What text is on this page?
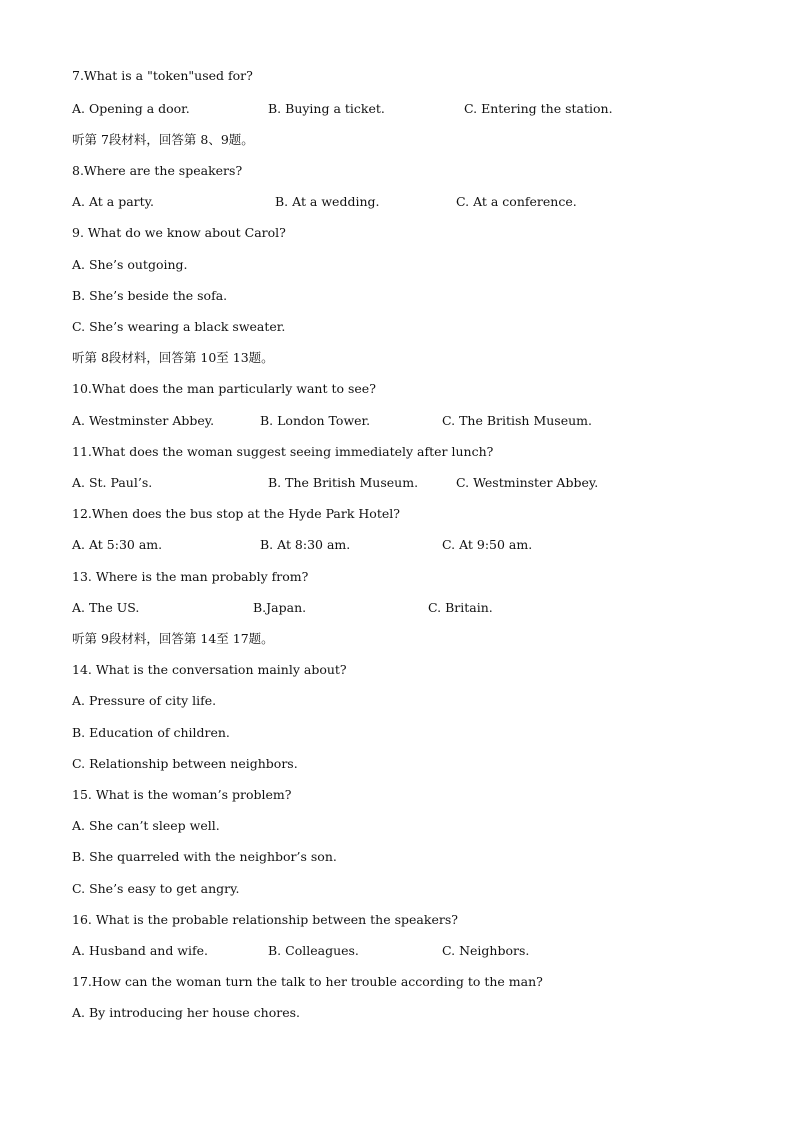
7.What is a "token"used for?
A. Opening a door.	B. Buying a ticket.	C. Entering the station.
听第 7段材料，回答第 8、9题。
8.Where are the speakers?
A. At a party.	B. At a wedding.	C. At a conference.
9. What do we know about Carol?
A. She’s outgoing.
B. She’s beside the sofa.
C. She’s wearing a black sweater.
听第 8段材料，回答第 10至 13题。
10.What does the man particularly want to see?
A. Westminster Abbey.	B. London Tower.	C. The British Museum.
11.What does the woman suggest seeing immediately after lunch?
A. St. Paul’s.	B. The British Museum.	C. Westminster Abbey.
12.When does the bus stop at the Hyde Park Hotel?
A. At 5:30 am.	B. At 8:30 am.	C. At 9:50 am.
13. Where is the man probably from?
A. The US.	B.Japan.	C. Britain.
听第 9段材料，回答第 14至 17题。
14. What is the conversation mainly about?
A. Pressure of city life.
B. Education of children.
C. Relationship between neighbors.
15. What is the woman’s problem?
A. She can’t sleep well.
B. She quarreled with the neighbor’s son.
C. She’s easy to get angry.
16. What is the probable relationship between the speakers?
A. Husband and wife.	B. Colleagues.	C. Neighbors.
17.How can the woman turn the talk to her trouble according to the man?
A. By introducing her house chores.
